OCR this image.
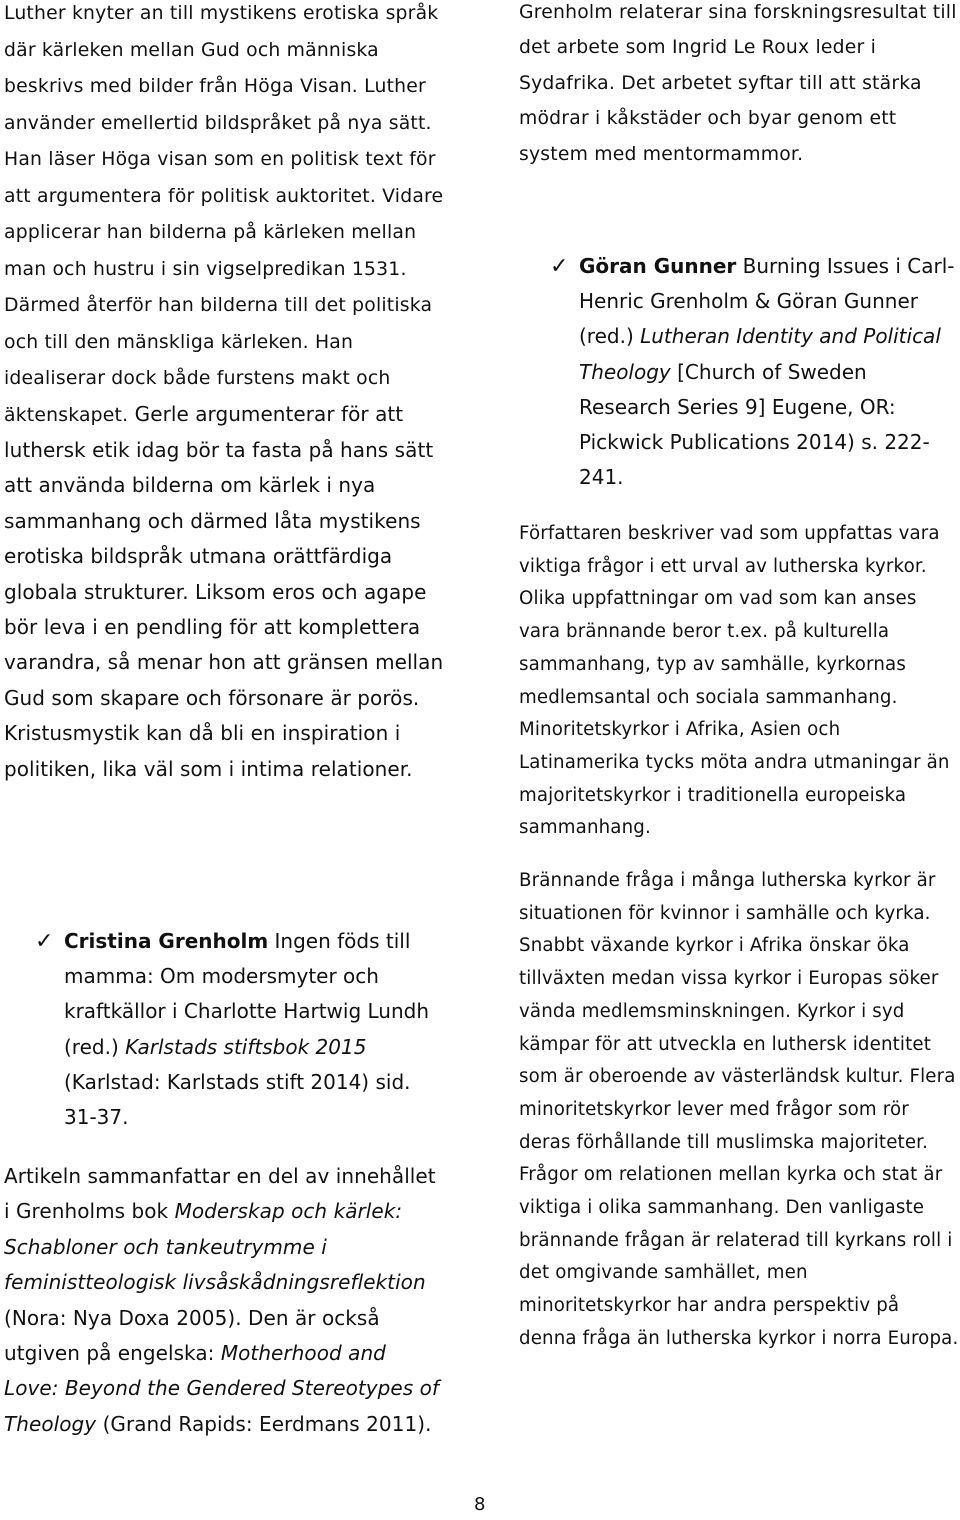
Luther knyter an till mystikens erotiska språk där kärleken mellan Gud och människa beskrivs med bilder från Höga Visan. Luther använder emellertid bildspråket på nya sätt. Han läser Höga visan som en politisk text för att argumentera för politisk auktoritet. Vidare applicerar han bilderna på kärleken mellan man och hustru i sin vigselpredikan 1531. Därmed återför han bilderna till det politiska och till den mänskliga kärleken. Han idealiserar dock både furstens makt och äktenskapet. Gerle argumenterar för att luthersk etik idag bör ta fasta på hans sätt att använda bilderna om kärlek i nya sammanhang och därmed låta mystikens erotiska bildspråk utmana orättfärdiga globala strukturer. Liksom eros och agape bör leva i en pendling för att komplettera varandra, så menar hon att gränsen mellan Gud som skapare och försonare är porös. Kristusmystik kan då bli en inspiration i politiken, lika väl som i intima relationer.

✓ Cristina Grenholm Ingen föds till mamma: Om modersmyter och kraftkällor i Charlotte Hartwig Lundh (red.) Karlstads stiftsbok 2015 (Karlstad: Karlstads stift 2014) sid. 31-37.

Artikeln sammanfattar en del av innehållet i Grenholms bok Moderskap och kärlek: Schabloner och tankeutrymme i feministteologisk livsåskådningsreflektion (Nora: Nya Doxa 2005). Den är också utgiven på engelska: Motherhood and Love: Beyond the Gendered Stereotypes of Theology (Grand Rapids: Eerdmans 2011).

Grenholm relaterar sina forskningsresultat till det arbete som Ingrid Le Roux leder i Sydafrika. Det arbetet syftar till att stärka mödrar i kåkstäder och byar genom ett system med mentormammor.

✓ Göran Gunner Burning Issues i Carl-Henric Grenholm & Göran Gunner (red.) Lutheran Identity and Political Theology [Church of Sweden Research Series 9] Eugene, OR: Pickwick Publications 2014) s. 222-241.

Författaren beskriver vad som uppfattas vara viktiga frågor i ett urval av lutherska kyrkor. Olika uppfattningar om vad som kan anses vara brännande beror t.ex. på kulturella sammanhang, typ av samhälle, kyrkornas medlemsantal och sociala sammanhang. Minoritetskyrkor i Afrika, Asien och Latinamerika tycks möta andra utmaningar än majoritetskyrkor i traditionella europeiska sammanhang.

Brännande fråga i många lutherska kyrkor är situationen för kvinnor i samhälle och kyrka. Snabbt växande kyrkor i Afrika önskar öka tillväxten medan vissa kyrkor i Europas söker vända medlemsminskningen. Kyrkor i syd kämpar för att utveckla en luthersk identitet som är oberoende av västerländsk kultur. Flera minoritetskyrkor lever med frågor som rör deras förhållande till muslimska majoriteter. Frågor om relationen mellan kyrka och stat är viktiga i olika sammanhang. Den vanligaste brännande frågan är relaterad till kyrkans roll i det omgivande samhället, men minoritetskyrkor har andra perspektiv på denna fråga än lutherska kyrkor i norra Europa.

8
